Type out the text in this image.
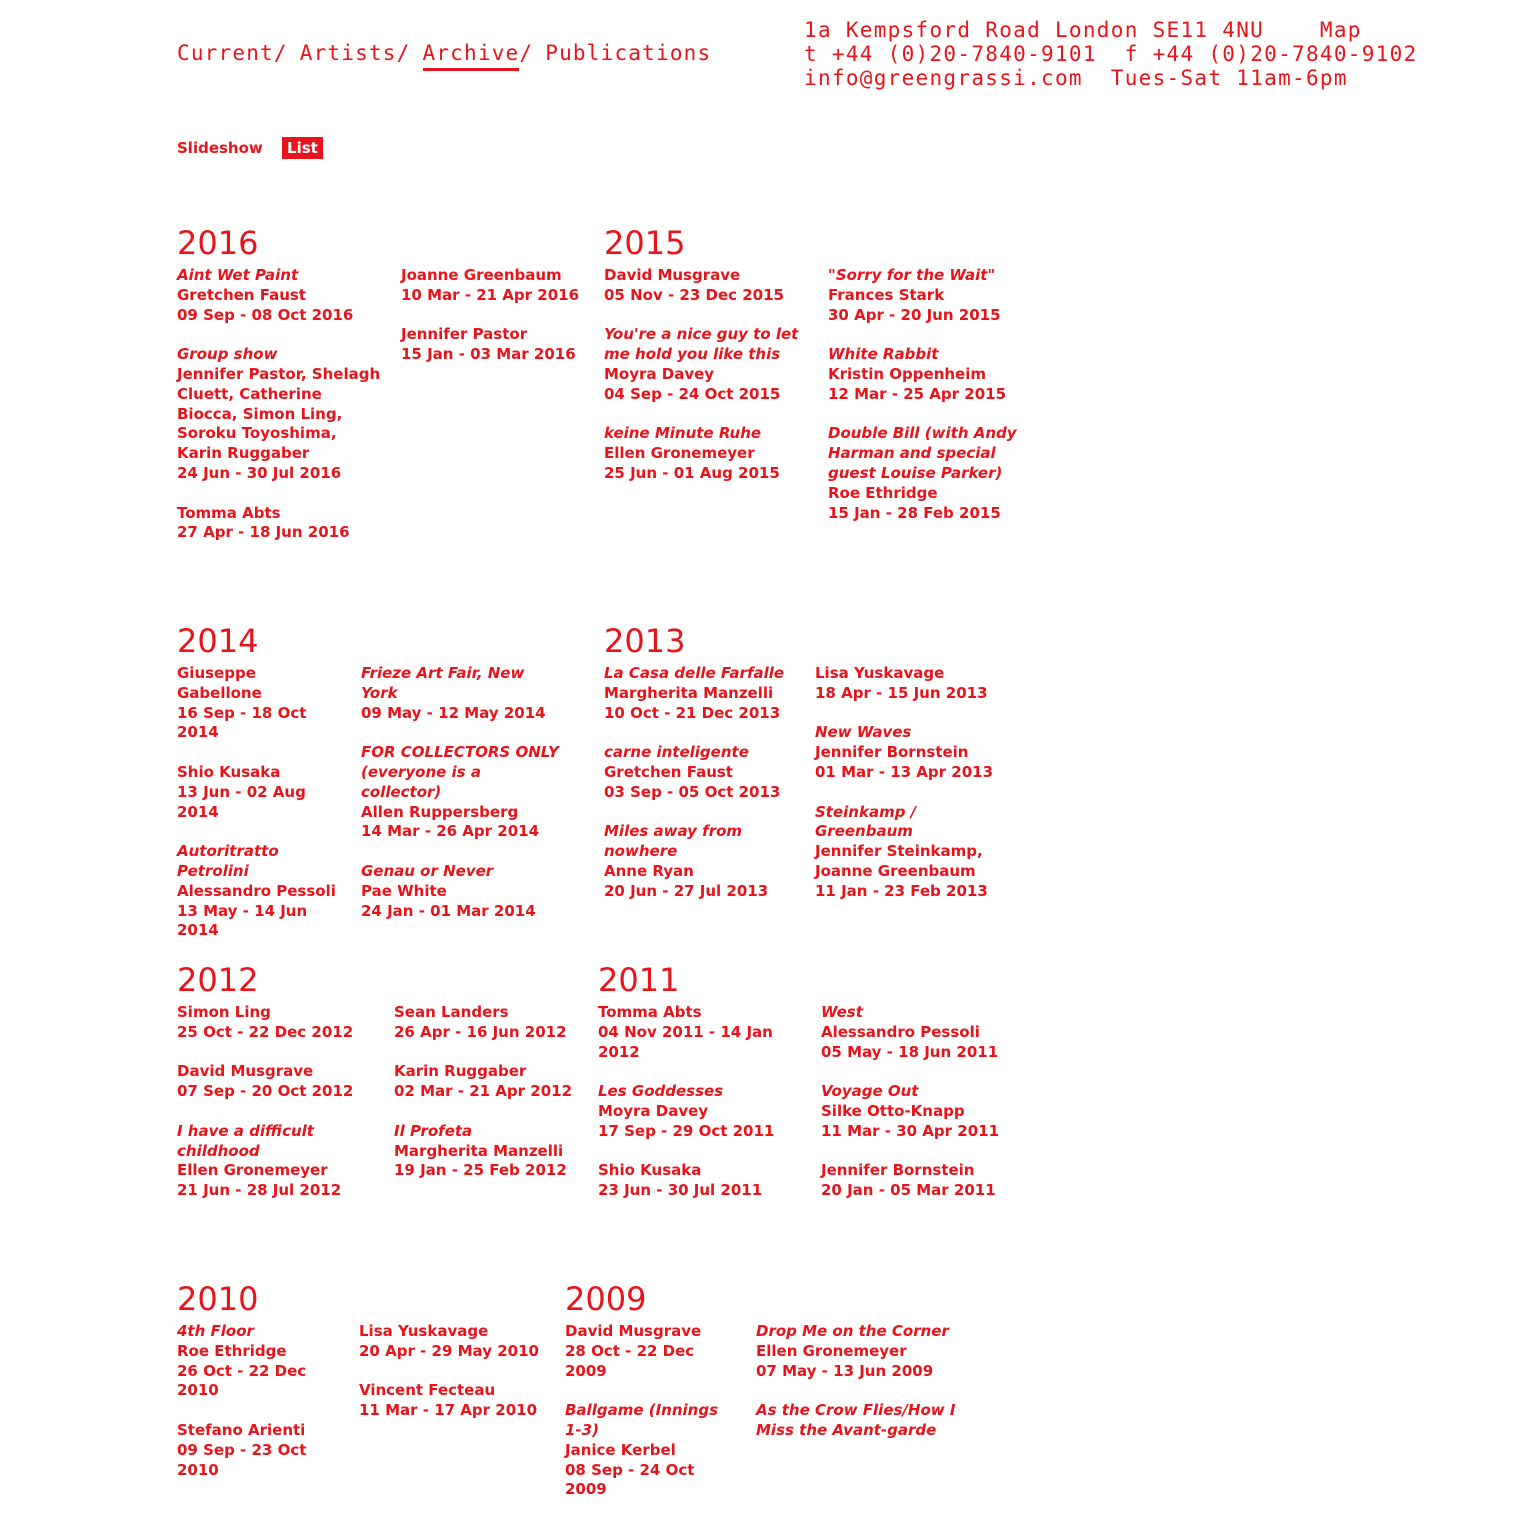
Current/ Artists/ Archive/ Publications
1a Kempsford Road London SE11 4NU	Map
t +44 (0)20-7840-9101 f +44 (0)20-7840-9102
info@greengrassi.com Tues-Sat 11am-6pm
Slideshow List
2016
Aint Wet Paint
Gretchen Faust
09 Sep - 08 Oct 2016
Group show
Jennifer Pastor, Shelagh Cluett, Catherine Biocca, Simon Ling, Soroku Toyoshima, Karin Ruggaber
24 Jun - 30 Jul 2016
Tomma Abts
27 Apr - 18 Jun 2016
Joanne Greenbaum
10 Mar - 21 Apr 2016
Jennifer Pastor
15 Jan - 03 Mar 2016
2015
David Musgrave
05 Nov - 23 Dec 2015
You're a nice guy to let me hold you like this
Moyra Davey
04 Sep - 24 Oct 2015
keine Minute Ruhe
Ellen Gronemeyer
25 Jun - 01 Aug 2015
"Sorry for the Wait"
Frances Stark
30 Apr - 20 Jun 2015
White Rabbit
Kristin Oppenheim
12 Mar - 25 Apr 2015
Double Bill (with Andy Harman and special guest Louise Parker)
Roe Ethridge
15 Jan - 28 Feb 2015
2014
Giuseppe Gabellone
16 Sep - 18 Oct 2014
Shio Kusaka
13 Jun - 02 Aug 2014
Autoritratto Petrolini
Alessandro Pessoli
13 May - 14 Jun 2014
Frieze Art Fair, New York
09 May - 12 May 2014
FOR COLLECTORS ONLY (everyone is a collector)
Allen Ruppersberg
14 Mar - 26 Apr 2014
Genau or Never
Pae White
24 Jan - 01 Mar 2014
2013
La Casa delle Farfalle
Margherita Manzelli
10 Oct - 21 Dec 2013
carne inteligente
Gretchen Faust
03 Sep - 05 Oct 2013
Miles away from nowhere
Anne Ryan
20 Jun - 27 Jul 2013
Lisa Yuskavage
18 Apr - 15 Jun 2013
New Waves
Jennifer Bornstein
01 Mar - 13 Apr 2013
Steinkamp / Greenbaum
Jennifer Steinkamp, Joanne Greenbaum
11 Jan - 23 Feb 2013
2012
Simon Ling
25 Oct - 22 Dec 2012
David Musgrave
07 Sep - 20 Oct 2012
I have a difficult childhood
Ellen Gronemeyer
21 Jun - 28 Jul 2012
Sean Landers
26 Apr - 16 Jun 2012
Karin Ruggaber
02 Mar - 21 Apr 2012
Il Profeta
Margherita Manzelli
19 Jan - 25 Feb 2012
2011
Tomma Abts
04 Nov 2011 - 14 Jan 2012
Les Goddesses
Moyra Davey
17 Sep - 29 Oct 2011
Shio Kusaka
23 Jun - 30 Jul 2011
West
Alessandro Pessoli
05 May - 18 Jun 2011
Voyage Out
Silke Otto-Knapp
11 Mar - 30 Apr 2011
Jennifer Bornstein
20 Jan - 05 Mar 2011
2010
4th Floor
Roe Ethridge
26 Oct - 22 Dec 2010
Stefano Arienti
09 Sep - 23 Oct 2010
Lisa Yuskavage
20 Apr - 29 May 2010
Vincent Fecteau
11 Mar - 17 Apr 2010
2009
David Musgrave
28 Oct - 22 Dec 2009
Ballgame (Innings 1-3)
Janice Kerbel
08 Sep - 24 Oct 2009
Drop Me on the Corner
Ellen Gronemeyer
07 May - 13 Jun 2009
As the Crow Flies/How I Miss the Avant-garde
